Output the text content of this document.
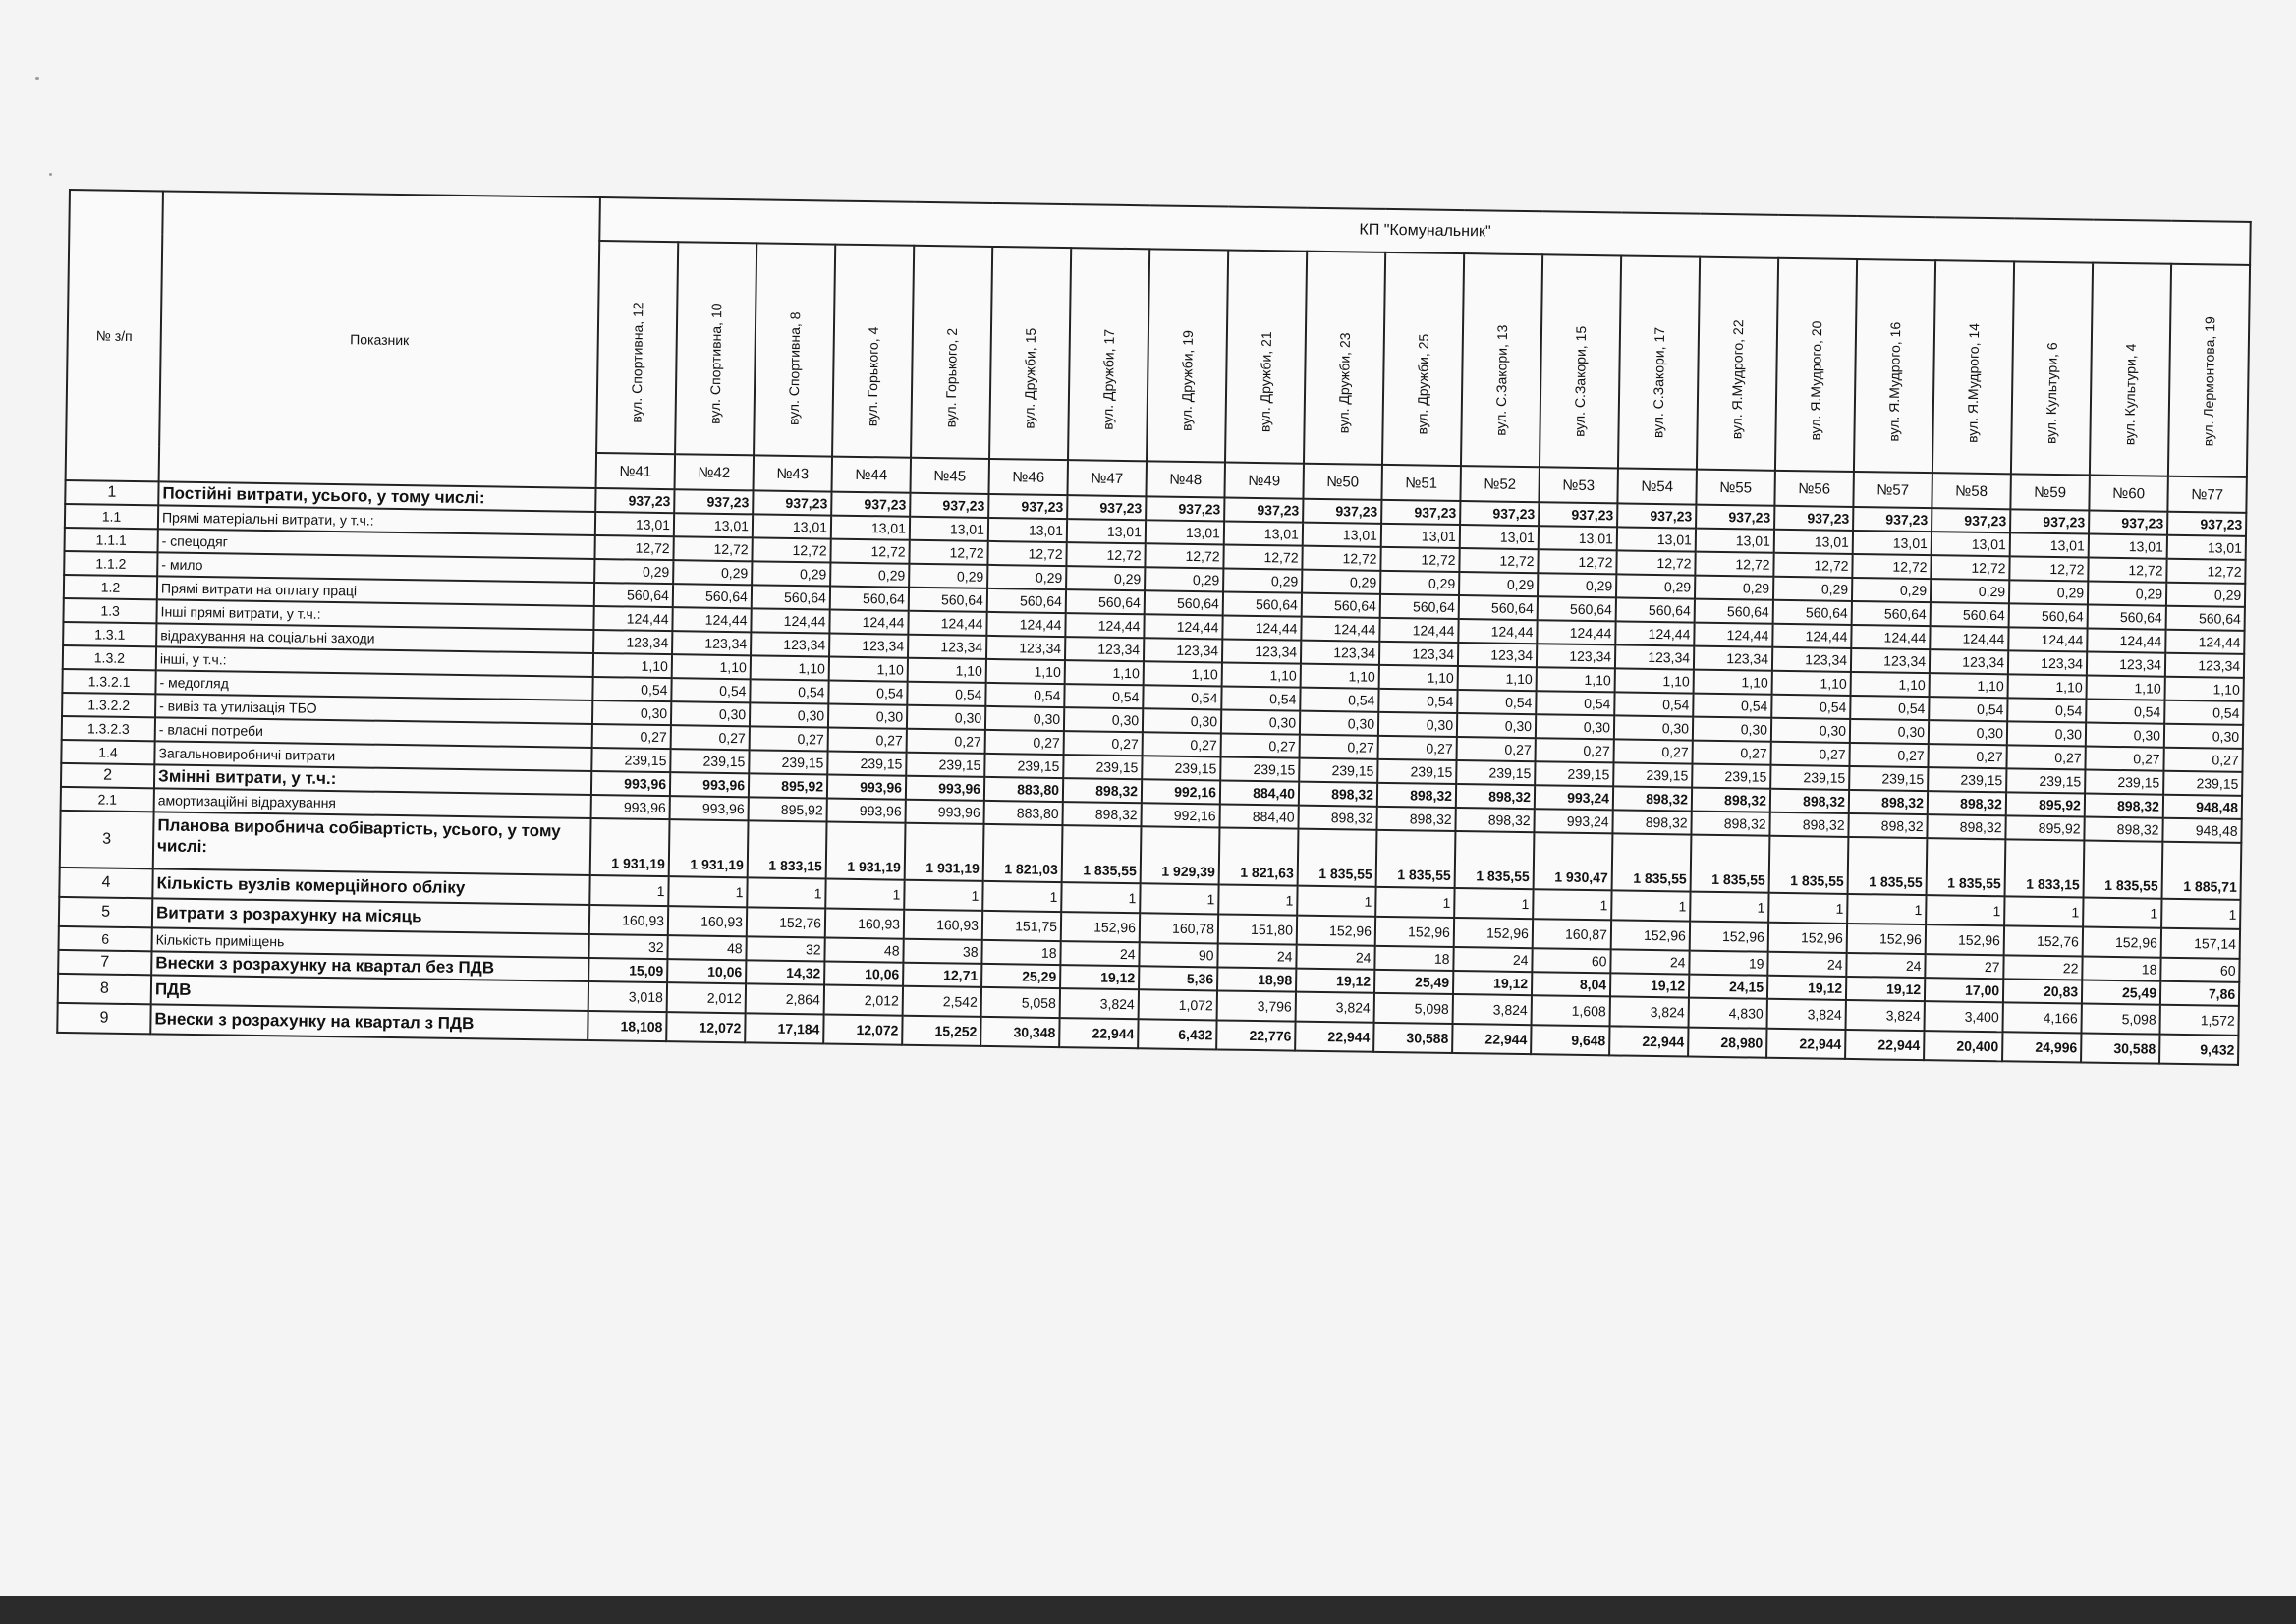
№ з/п	Показник	КП "Комунальник"																				

		вул. Спортивна, 12	вул. Спортивна, 10	вул. Спортивна, 8	вул. Горького, 4	вул. Горького, 2	вул. Дружби, 15	вул. Дружби, 17	вул. Дружби, 19	вул. Дружби, 21	вул. Дружби, 23	вул. Дружби, 25	вул. С.Закори, 13	вул. С.Закори, 15	вул. С.Закори, 17	вул. Я.Мудрого, 22	вул. Я.Мудрого, 20	вул. Я.Мудрого, 16	вул. Я.Мудрого, 14	вул. Культури, 6	вул. Культури, 4	вул. Лермонтова, 19

		№41	№42	№43	№44	№45	№46	№47	№48	№49	№50	№51	№52	№53	№54	№55	№56	№57	№58	№59	№60	№77
1	Постійні витрати, усього, у тому числі:	937,23	937,23	937,23	937,23	937,23	937,23	937,23	937,23	937,23	937,23	937,23	937,23	937,23	937,23	937,23	937,23	937,23	937,23	937,23	937,23	937,23
1.1	Прямі матеріальні витрати, у т.ч.:	13,01	13,01	13,01	13,01	13,01	13,01	13,01	13,01	13,01	13,01	13,01	13,01	13,01	13,01	13,01	13,01	13,01	13,01	13,01	13,01	13,01
1.1.1	- спецодяг	12,72	12,72	12,72	12,72	12,72	12,72	12,72	12,72	12,72	12,72	12,72	12,72	12,72	12,72	12,72	12,72	12,72	12,72	12,72	12,72	12,72
1.1.2	- мило	0,29	0,29	0,29	0,29	0,29	0,29	0,29	0,29	0,29	0,29	0,29	0,29	0,29	0,29	0,29	0,29	0,29	0,29	0,29	0,29	0,29
1.2	Прямі витрати на оплату праці	560,64	560,64	560,64	560,64	560,64	560,64	560,64	560,64	560,64	560,64	560,64	560,64	560,64	560,64	560,64	560,64	560,64	560,64	560,64	560,64	560,64
1.3	Інші прямі витрати, у т.ч.:	124,44	124,44	124,44	124,44	124,44	124,44	124,44	124,44	124,44	124,44	124,44	124,44	124,44	124,44	124,44	124,44	124,44	124,44	124,44	124,44	124,44
1.3.1	відрахування на соціальні заходи	123,34	123,34	123,34	123,34	123,34	123,34	123,34	123,34	123,34	123,34	123,34	123,34	123,34	123,34	123,34	123,34	123,34	123,34	123,34	123,34	123,34
1.3.2	інші, у т.ч.:	1,10	1,10	1,10	1,10	1,10	1,10	1,10	1,10	1,10	1,10	1,10	1,10	1,10	1,10	1,10	1,10	1,10	1,10	1,10	1,10	1,10
1.3.2.1	- медогляд	0,54	0,54	0,54	0,54	0,54	0,54	0,54	0,54	0,54	0,54	0,54	0,54	0,54	0,54	0,54	0,54	0,54	0,54	0,54	0,54	0,54
1.3.2.2	- вивіз та утилізація ТБО	0,30	0,30	0,30	0,30	0,30	0,30	0,30	0,30	0,30	0,30	0,30	0,30	0,30	0,30	0,30	0,30	0,30	0,30	0,30	0,30	0,30
1.3.2.3	- власні потреби	0,27	0,27	0,27	0,27	0,27	0,27	0,27	0,27	0,27	0,27	0,27	0,27	0,27	0,27	0,27	0,27	0,27	0,27	0,27	0,27	0,27
1.4	Загальновиробничі витрати	239,15	239,15	239,15	239,15	239,15	239,15	239,15	239,15	239,15	239,15	239,15	239,15	239,15	239,15	239,15	239,15	239,15	239,15	239,15	239,15	239,15
2	Змінні витрати, у т.ч.:	993,96	993,96	895,92	993,96	993,96	883,80	898,32	992,16	884,40	898,32	898,32	898,32	993,24	898,32	898,32	898,32	898,32	898,32	895,92	898,32	948,48
2.1	амортизаційні відрахування	993,96	993,96	895,92	993,96	993,96	883,80	898,32	992,16	884,40	898,32	898,32	898,32	993,24	898,32	898,32	898,32	898,32	898,32	895,92	898,32	948,48
3	Планова виробнича собівартість, усього, у тому числі:	1 931,19	1 931,19	1 833,15	1 931,19	1 931,19	1 821,03	1 835,55	1 929,39	1 821,63	1 835,55	1 835,55	1 835,55	1 930,47	1 835,55	1 835,55	1 835,55	1 835,55	1 835,55	1 833,15	1 835,55	1 885,71
4	Кількість вузлів комерційного обліку	1	1	1	1	1	1	1	1	1	1	1	1	1	1	1	1	1	1	1	1	1
5	Витрати з розрахунку на місяць	160,93	160,93	152,76	160,93	160,93	151,75	152,96	160,78	151,80	152,96	152,96	152,96	160,87	152,96	152,96	152,96	152,96	152,96	152,76	152,96	157,14
6	Кількість приміщень	32	48	32	48	38	18	24	90	24	24	18	24	60	24	19	24	24	27	22	18	60
7	Внески з розрахунку на квартал без ПДВ	15,09	10,06	14,32	10,06	12,71	25,29	19,12	5,36	18,98	19,12	25,49	19,12	8,04	19,12	24,15	19,12	19,12	17,00	20,83	25,49	7,86
8	ПДВ	3,018	2,012	2,864	2,012	2,542	5,058	3,824	1,072	3,796	3,824	5,098	3,824	1,608	3,824	4,830	3,824	3,824	3,400	4,166	5,098	1,572
9	Внески з розрахунку на квартал з ПДВ	18,108	12,072	17,184	12,072	15,252	30,348	22,944	6,432	22,776	22,944	30,588	22,944	9,648	22,944	28,980	22,944	22,944	20,400	24,996	30,588	9,432
